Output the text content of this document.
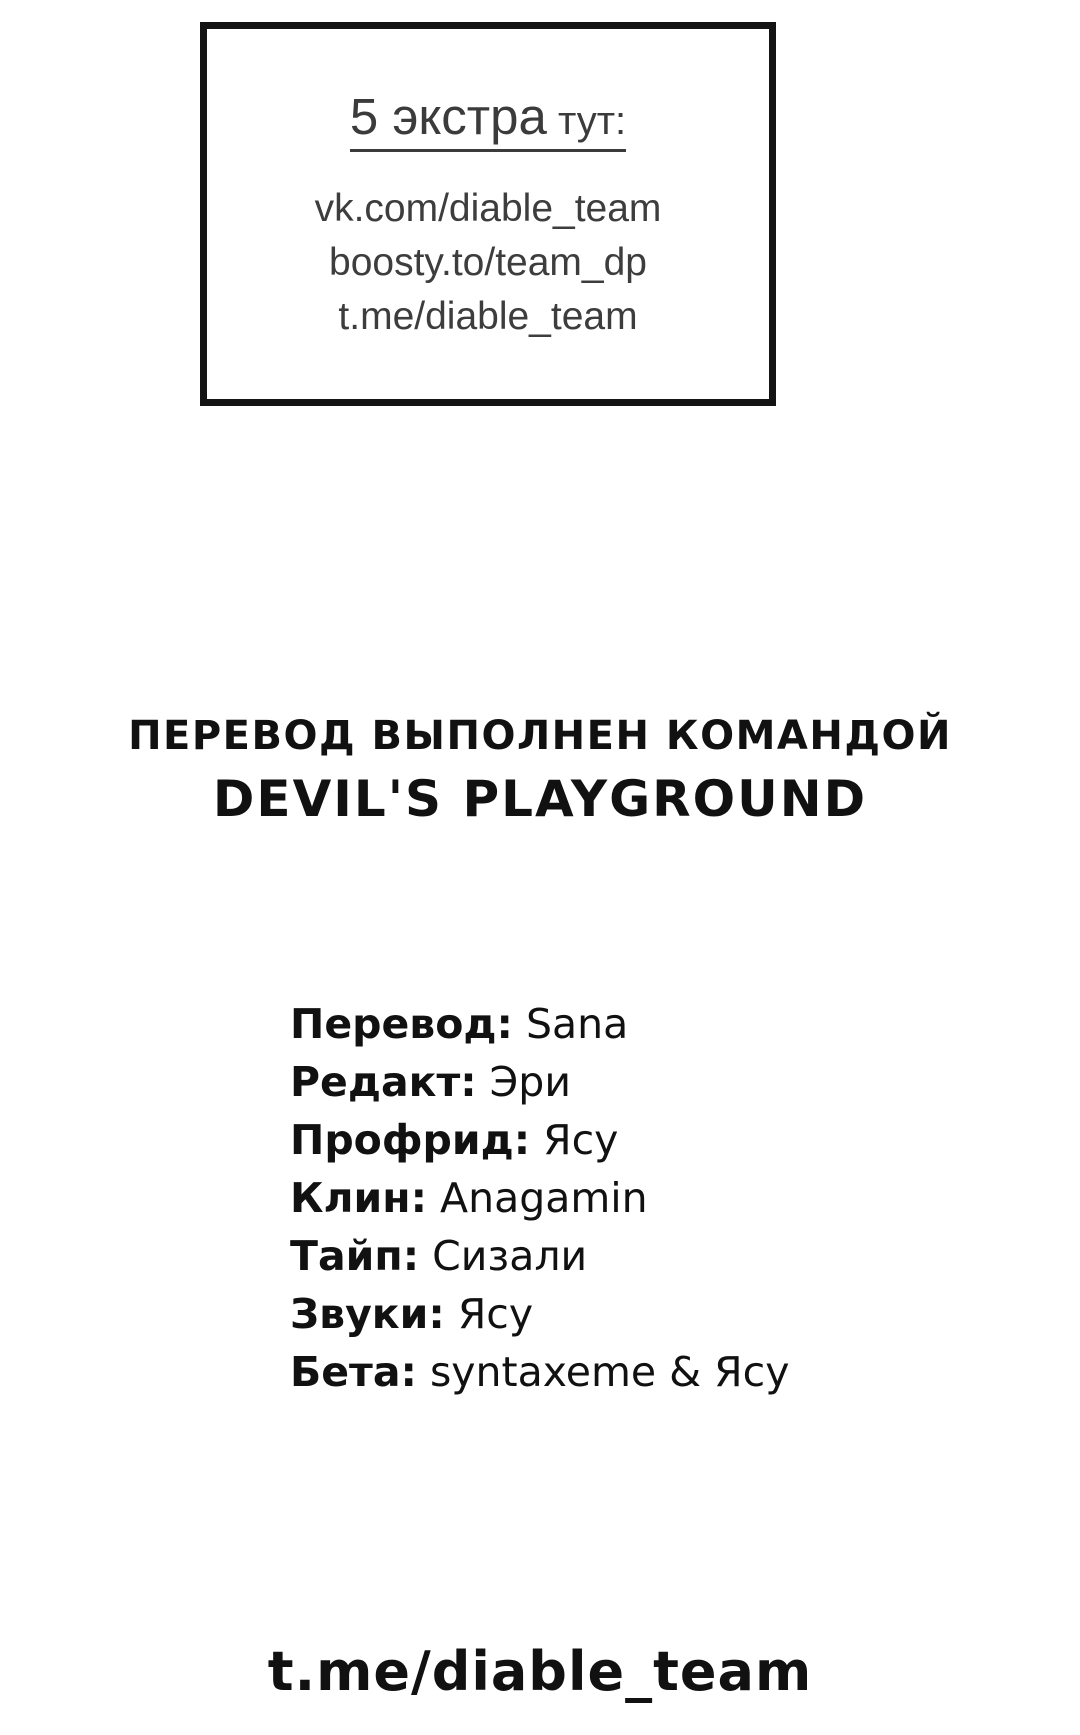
5 экстра тут:
vk.com/diable_team
boosty.to/team_dp
t.me/diable_team
ПЕРЕВОД ВЫПОЛНЕН КОМАНДОЙ
DEVIL'S PLAYGROUND
Перевод: Sana
Редакт: Эри
Профрид: Ясу
Клин: Anagamin
Тайп: Сизали
Звуки: Ясу
Бета: syntaxeme & Ясу
t.me/diable_team
